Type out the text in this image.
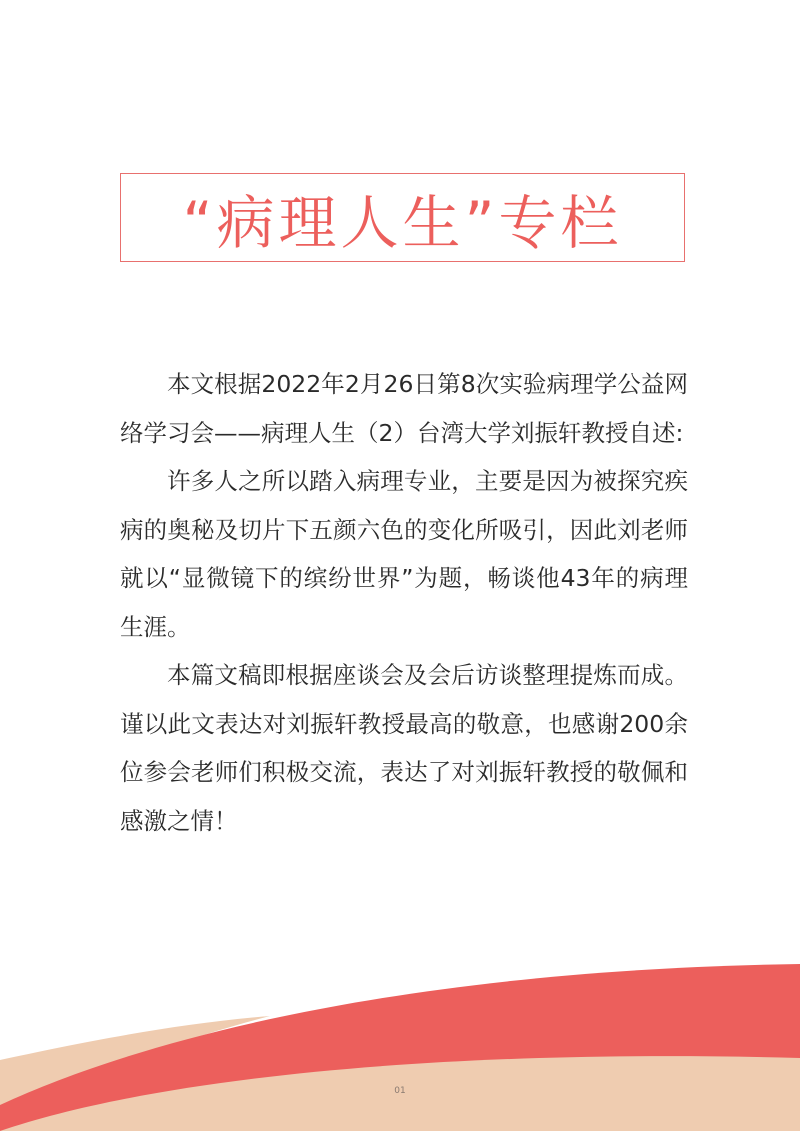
“病理人生”专栏

本文根据2022年2月26日第8次实验病理学公益网络学习会——病理人生（2）台湾大学刘振轩教授自述:

许多人之所以踏入病理专业，主要是因为被探究疾病的奥秘及切片下五颜六色的变化所吸引，因此刘老师就以“显微镜下的缤纷世界”为题，畅谈他43年的病理生涯。

本篇文稿即根据座谈会及会后访谈整理提炼而成。谨以此文表达对刘振轩教授最高的敬意，也感谢200余位参会老师们积极交流，表达了对刘振轩教授的敬佩和感激之情！

01
